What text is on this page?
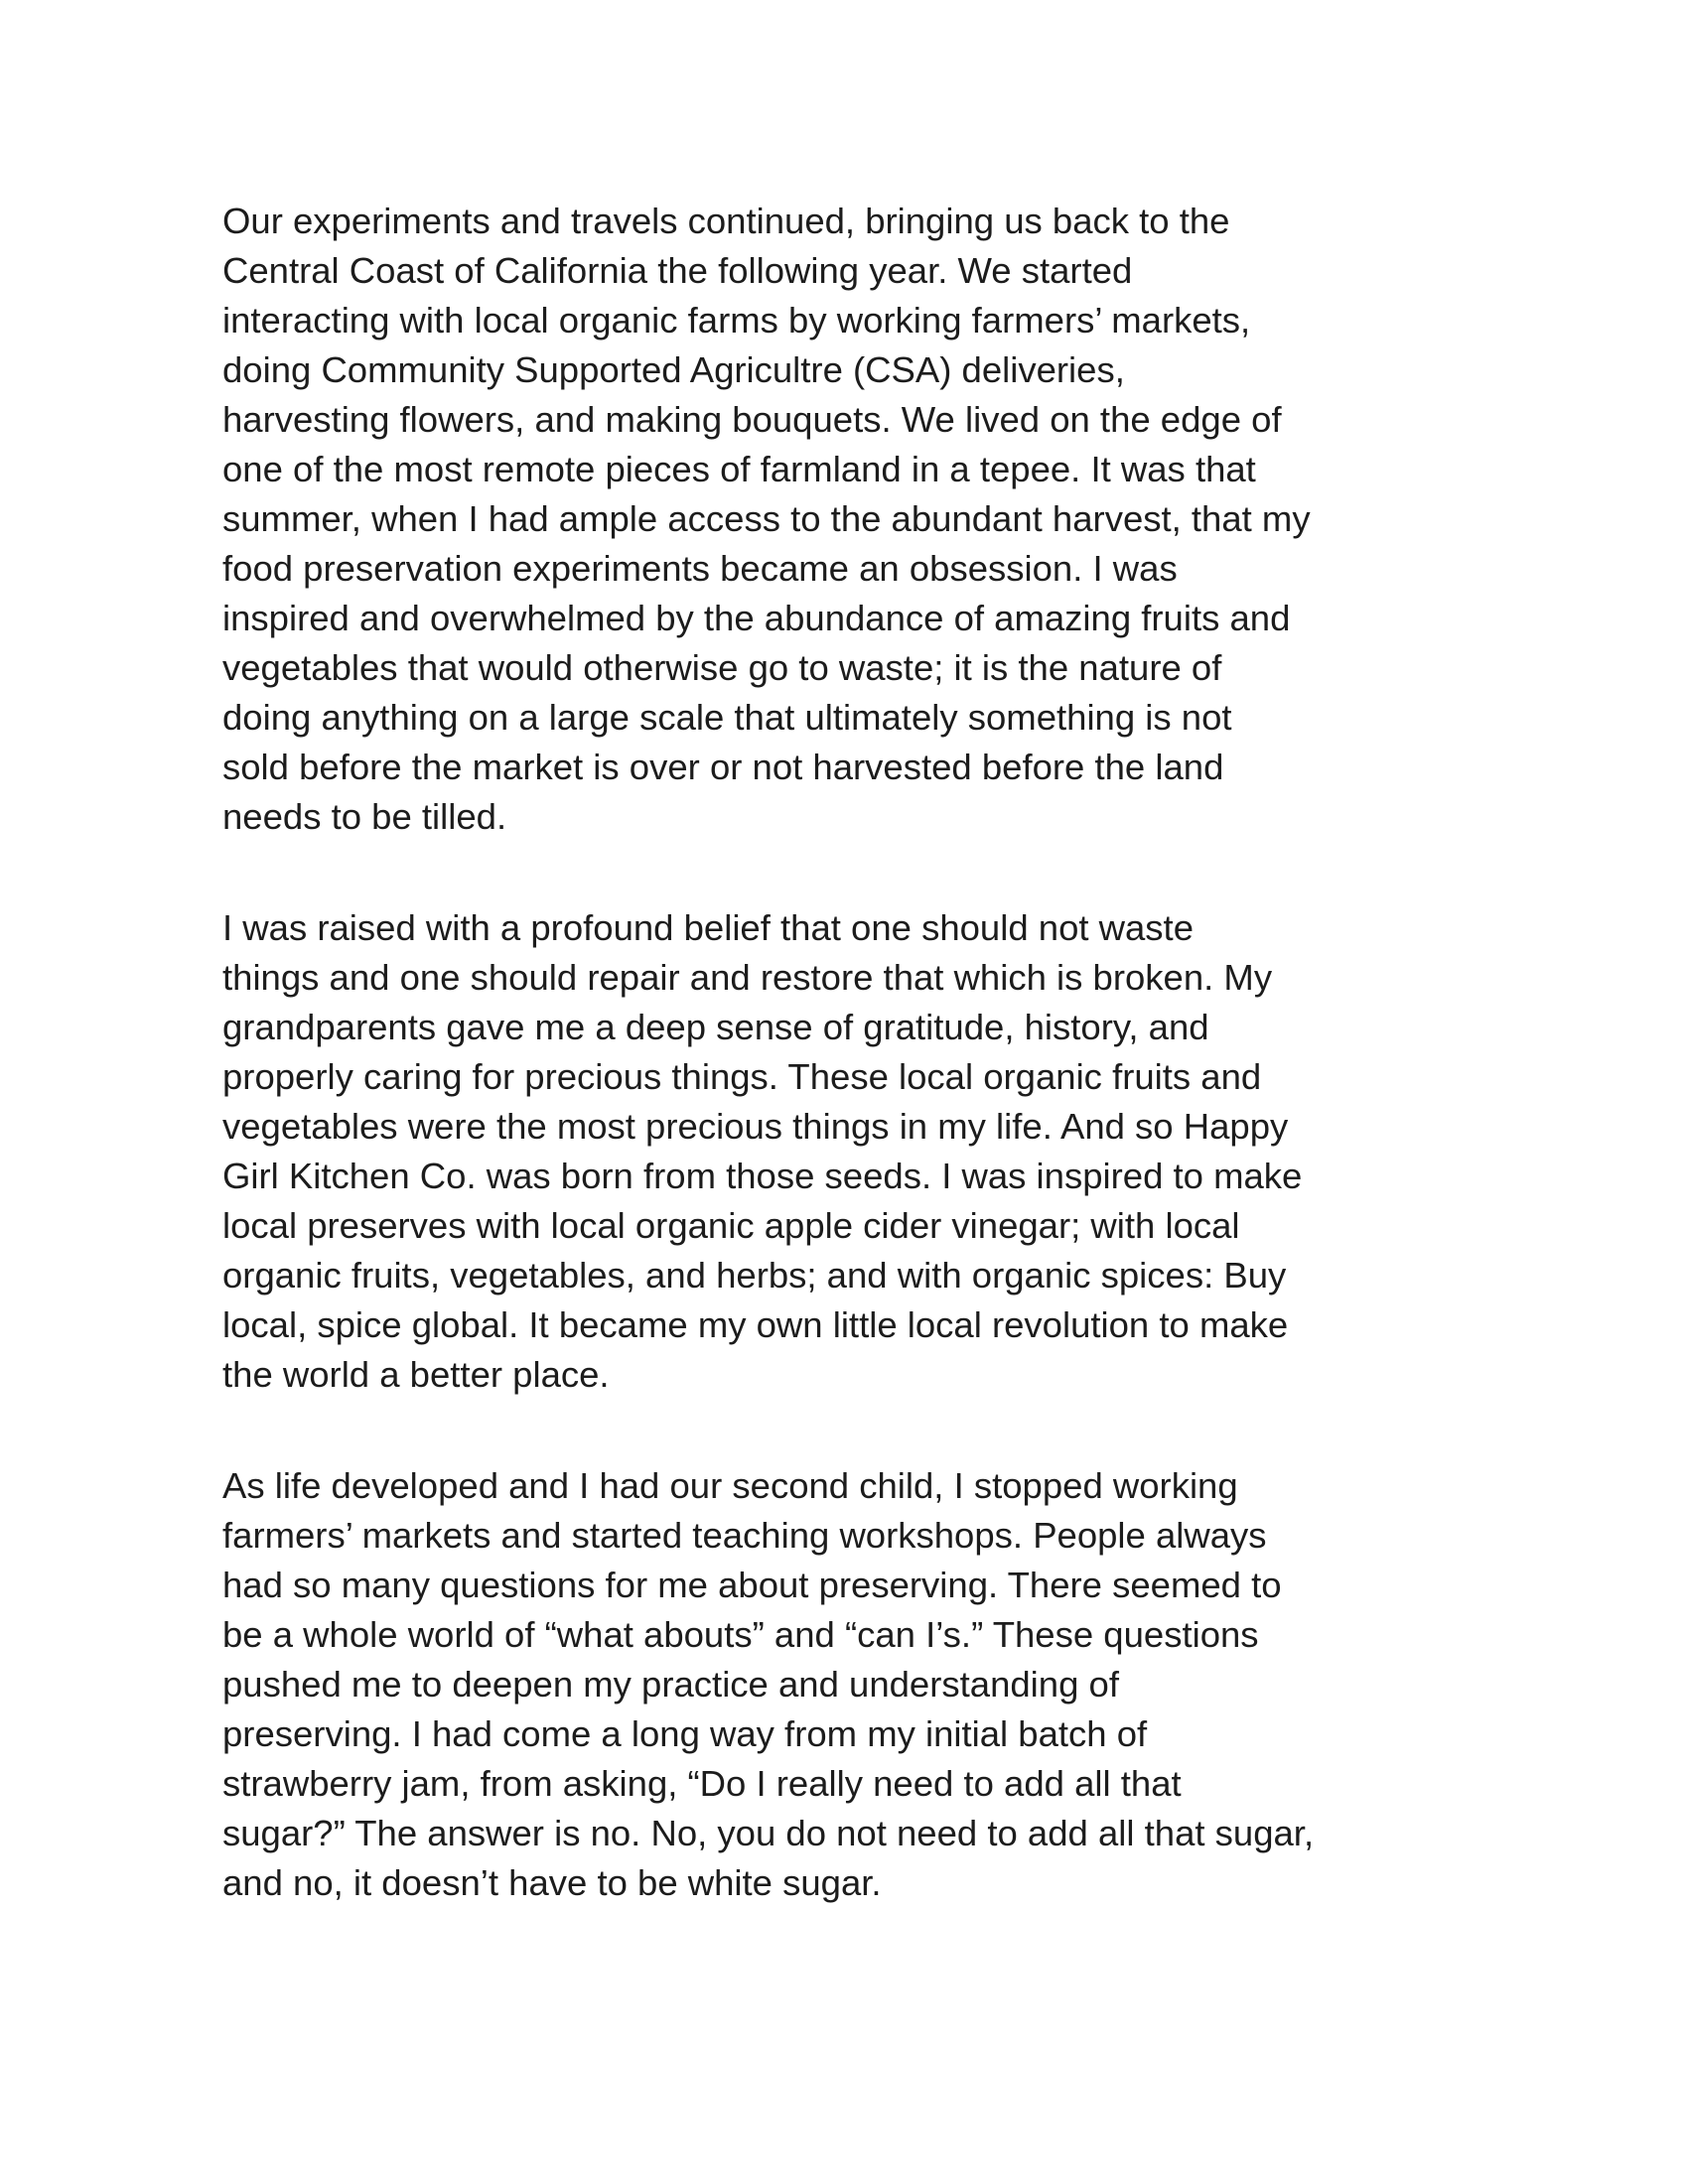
Our experiments and travels continued, bringing us back to the
Central Coast of California the following year. We started
interacting with local organic farms by working farmers’ markets,
doing Community Supported Agricultre (CSA) deliveries,
harvesting flowers, and making bouquets. We lived on the edge of
one of the most remote pieces of farmland in a tepee. It was that
summer, when I had ample access to the abundant harvest, that my
food preservation experiments became an obsession. I was
inspired and overwhelmed by the abundance of amazing fruits and
vegetables that would otherwise go to waste; it is the nature of
doing anything on a large scale that ultimately something is not
sold before the market is over or not harvested before the land
needs to be tilled.

I was raised with a profound belief that one should not waste
things and one should repair and restore that which is broken. My
grandparents gave me a deep sense of gratitude, history, and
properly caring for precious things. These local organic fruits and
vegetables were the most precious things in my life. And so Happy
Girl Kitchen Co. was born from those seeds. I was inspired to make
local preserves with local organic apple cider vinegar; with local
organic fruits, vegetables, and herbs; and with organic spices: Buy
local, spice global. It became my own little local revolution to make
the world a better place.

As life developed and I had our second child, I stopped working
farmers’ markets and started teaching workshops. People always
had so many questions for me about preserving. There seemed to
be a whole world of “what abouts” and “can I’s.” These questions
pushed me to deepen my practice and understanding of
preserving. I had come a long way from my initial batch of
strawberry jam, from asking, “Do I really need to add all that
sugar?” The answer is no. No, you do not need to add all that sugar,
and no, it doesn’t have to be white sugar.
